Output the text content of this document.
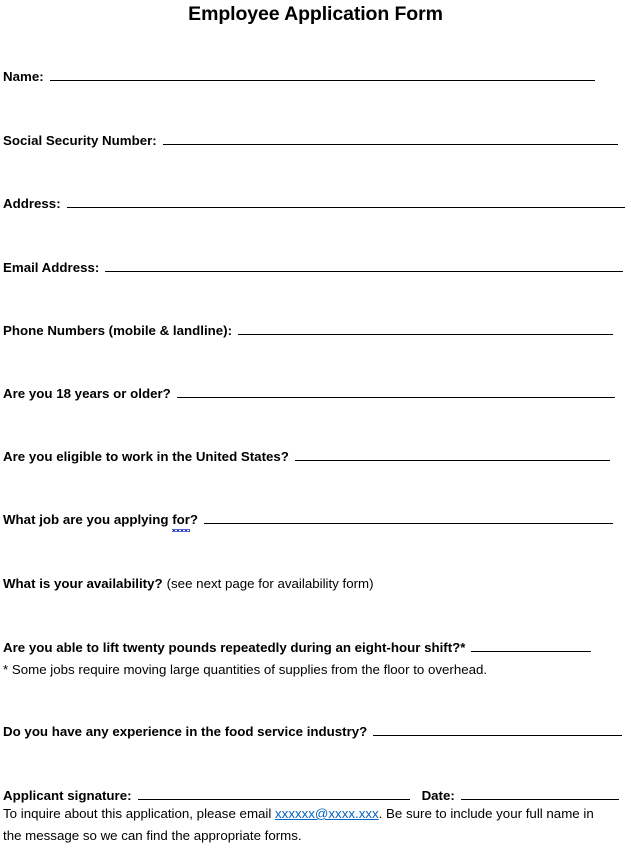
Employee Application Form
Name:
Social Security Number:
Address:
Email Address:
Phone Numbers (mobile & landline):
Are you 18 years or older?
Are you eligible to work in the United States?
What job are you applying for?
What is your availability? (see next page for availability form)
Are you able to lift twenty pounds repeatedly during an eight-hour shift?*
* Some jobs require moving large quantities of supplies from the floor to overhead.
Do you have any experience in the food service industry?
Applicant signature:	Date:
To inquire about this application, please email xxxxxx@xxxx.xxx. Be sure to include your full name in the message so we can find the appropriate forms.
